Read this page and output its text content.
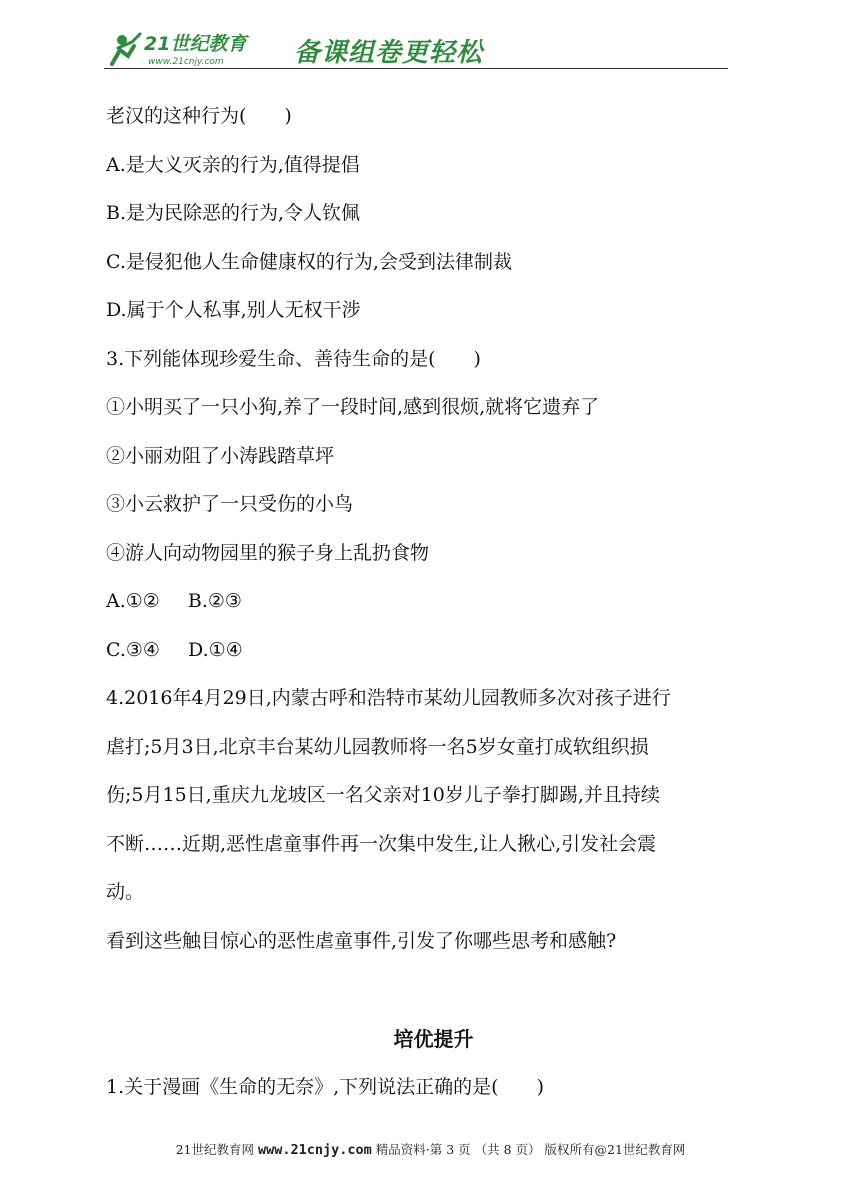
21世纪教育
www.21cnjy.com	备课组卷更轻松
老汉的这种行为(　　)
A.是大义灭亲的行为,值得提倡
B.是为民除恶的行为,令人钦佩
C.是侵犯他人生命健康权的行为,会受到法律制裁
D.属于个人私事,别人无权干涉
3.下列能体现珍爱生命、善待生命的是(　　)
①小明买了一只小狗,养了一段时间,感到很烦,就将它遗弃了
②小丽劝阻了小涛践踏草坪
③小云救护了一只受伤的小鸟
④游人向动物园里的猴子身上乱扔食物
A.①② B.②③
C.③④ D.①④
4.2016年4月29日,内蒙古呼和浩特市某幼儿园教师多次对孩子进行
虐打;5月3日,北京丰台某幼儿园教师将一名5岁女童打成软组织损
伤;5月15日,重庆九龙坡区一名父亲对10岁儿子拳打脚踢,并且持续
不断……近期,恶性虐童事件再一次集中发生,让人揪心,引发社会震
动。
看到这些触目惊心的恶性虐童事件,引发了你哪些思考和感触?
培优提升
1.关于漫画《生命的无奈》,下列说法正确的是(　　)
21世纪教育网 www.21cnjy.com 精品资料·第 3 页 （共 8 页） 版权所有@21世纪教育网
